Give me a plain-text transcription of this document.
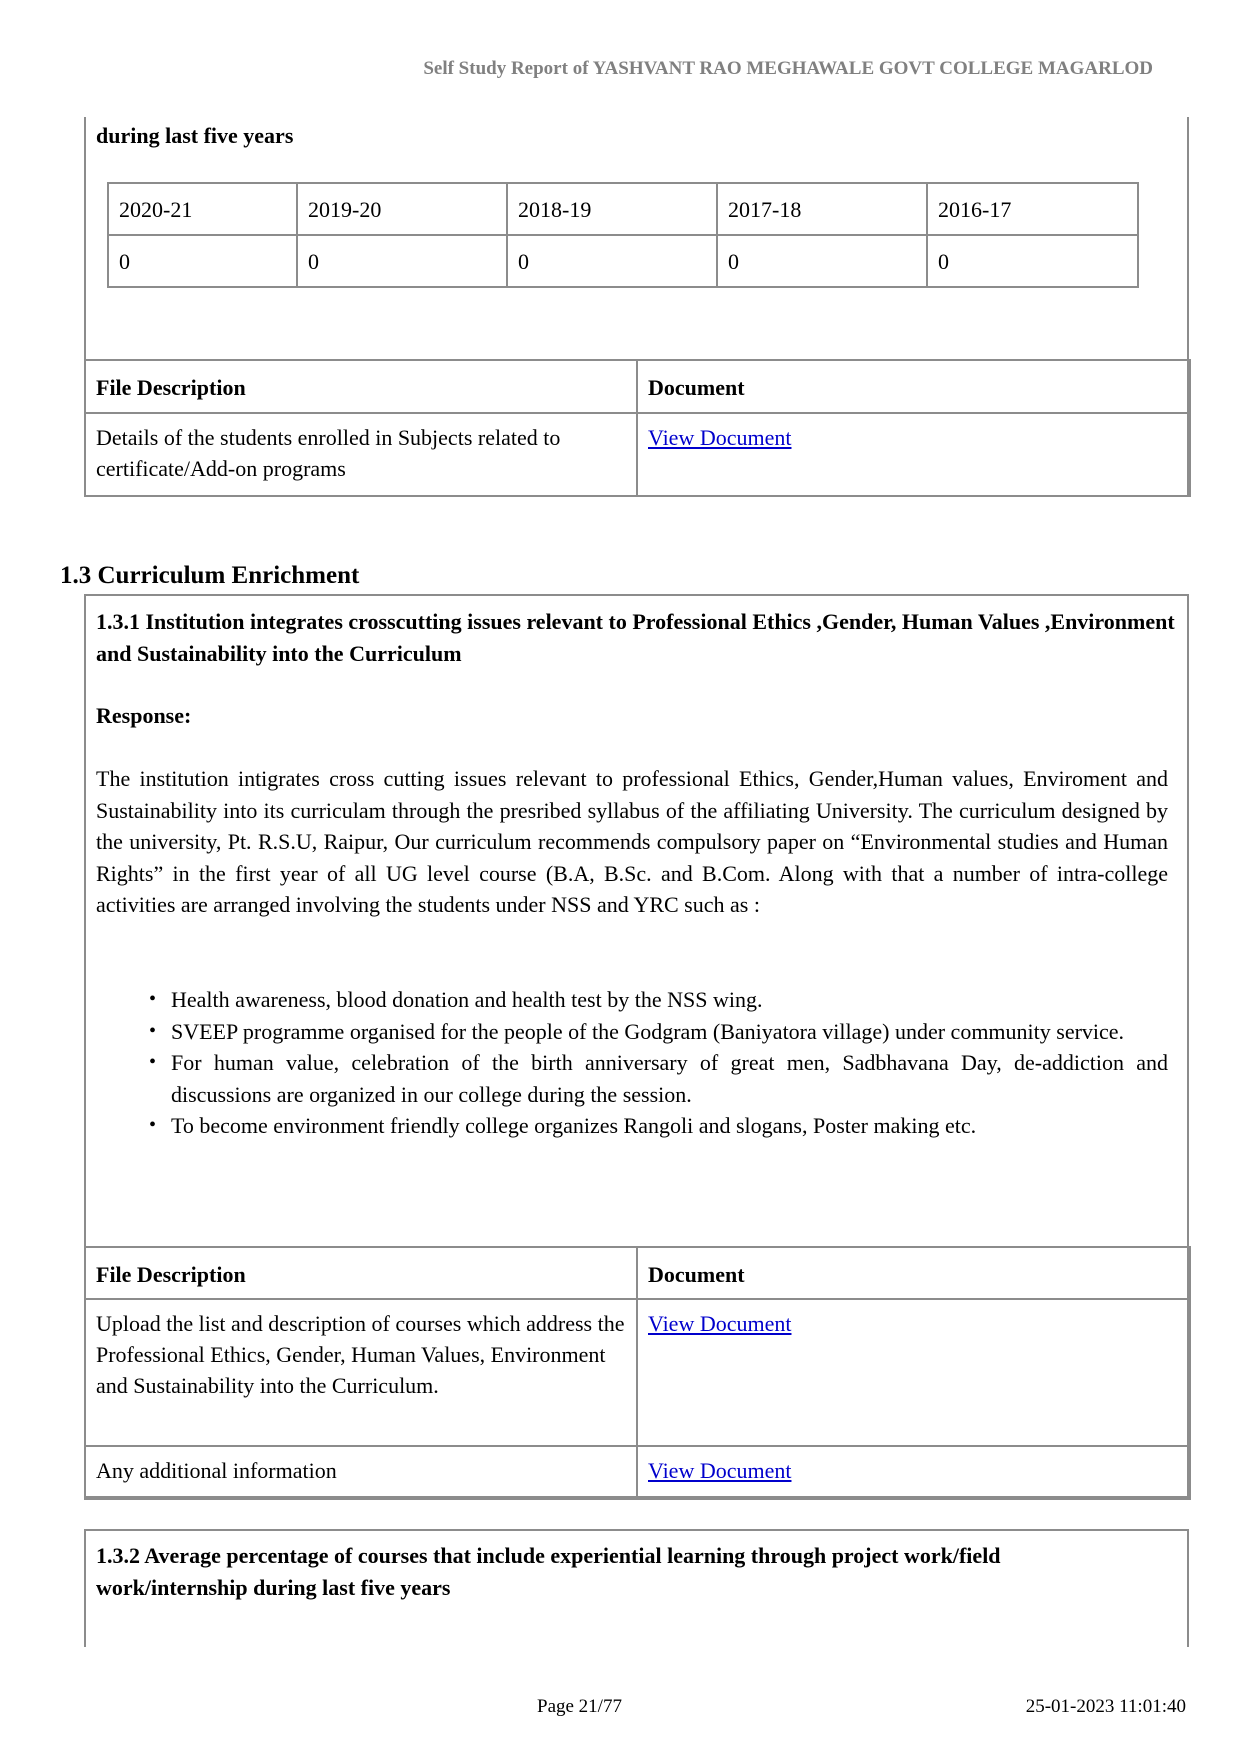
Self Study Report of YASHVANT RAO MEGHAWALE GOVT COLLEGE MAGARLOD
during last five years
2020-21	2019-20	2018-19	2017-18	2016-17
0	0	0	0	0
File Description	Document
Details of the students enrolled in Subjects related to certificate/Add-on programs	View Document
1.3 Curriculum Enrichment
1.3.1 Institution integrates crosscutting issues relevant to Professional Ethics ,Gender, Human Values ,Environment and Sustainability into the Curriculum
Response:
The institution intigrates cross cutting issues relevant to professional Ethics, Gender,Human values, Enviroment and Sustainability into its curriculam through the presribed syllabus of the affiliating University. The curriculum designed by the university, Pt. R.S.U, Raipur, Our curriculum recommends compulsory paper on “Environmental studies and Human Rights” in the first year of all UG level course (B.A, B.Sc. and B.Com. Along with that a number of intra-college activities are arranged involving the students under NSS and YRC such as :
• Health awareness, blood donation and health test by the NSS wing.
• SVEEP programme organised for the people of the Godgram (Baniyatora village) under community service.
• For human value, celebration of the birth anniversary of great men, Sadbhavana Day, de-addiction and discussions are organized in our college during the session.
• To become environment friendly college organizes Rangoli and slogans, Poster making etc.
File Description	Document
Upload the list and description of courses which address the Professional Ethics, Gender, Human Values, Environment and Sustainability into the Curriculum.	View Document
Any additional information	View Document
1.3.2 Average percentage of courses that include experiential learning through project work/field work/internship during last five years
Page 21/77	25-01-2023 11:01:40
